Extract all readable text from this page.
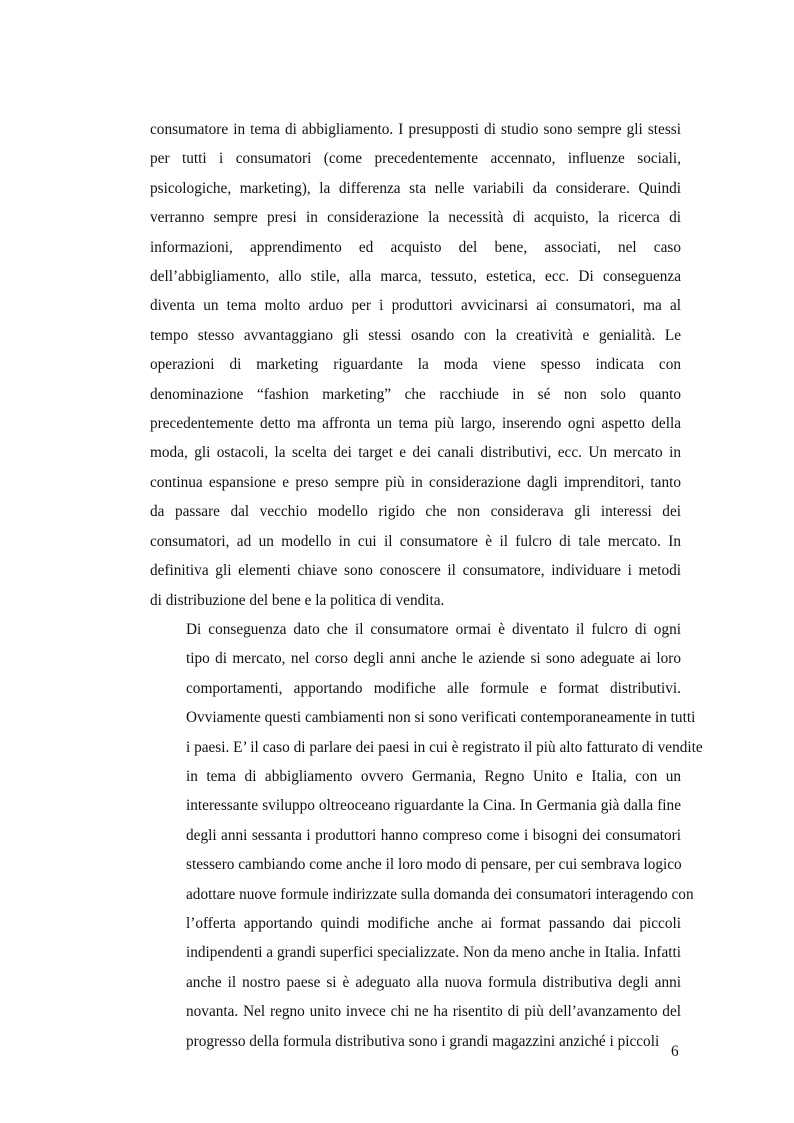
consumatore in tema di abbigliamento. I presupposti di studio sono sempre gli stessi
per tutti i consumatori (come precedentemente accennato, influenze sociali,
psicologiche, marketing), la differenza sta nelle variabili da considerare. Quindi
verranno sempre presi in considerazione la necessità di acquisto, la ricerca di
informazioni, apprendimento ed acquisto del bene, associati, nel caso
dell’abbigliamento, allo stile, alla marca, tessuto, estetica, ecc. Di conseguenza
diventa un tema molto arduo per i produttori avvicinarsi ai consumatori, ma al
tempo stesso avvantaggiano gli stessi osando con la creatività e genialità. Le
operazioni di marketing riguardante la moda viene spesso indicata con
denominazione “fashion marketing” che racchiude in sé non solo quanto
precedentemente detto ma affronta un tema più largo, inserendo ogni aspetto della
moda, gli ostacoli, la scelta dei target e dei canali distributivi, ecc. Un mercato in
continua espansione e preso sempre più in considerazione dagli imprenditori, tanto
da passare dal vecchio modello rigido che non considerava gli interessi dei
consumatori, ad un modello in cui il consumatore è il fulcro di tale mercato. In
definitiva gli elementi chiave sono conoscere il consumatore, individuare i metodi
di distribuzione del bene e la politica di vendita.

Di conseguenza dato che il consumatore ormai è diventato il fulcro di ogni
tipo di mercato, nel corso degli anni anche le aziende si sono adeguate ai loro
comportamenti, apportando modifiche alle formule e format distributivi.
Ovviamente questi cambiamenti non si sono verificati contemporaneamente in tutti
i paesi. E’ il caso di parlare dei paesi in cui è registrato il più alto fatturato di vendite
in tema di abbigliamento ovvero Germania, Regno Unito e Italia, con un
interessante sviluppo oltreoceano riguardante la Cina. In Germania già dalla fine
degli anni sessanta i produttori hanno compreso come i bisogni dei consumatori
stessero cambiando come anche il loro modo di pensare, per cui sembrava logico
adottare nuove formule indirizzate sulla domanda dei consumatori interagendo con
l’offerta apportando quindi modifiche anche ai format passando dai piccoli
indipendenti a grandi superfici specializzate. Non da meno anche in Italia. Infatti
anche il nostro paese si è adeguato alla nuova formula distributiva degli anni
novanta. Nel regno unito invece chi ne ha risentito di più dell’avanzamento del
progresso della formula distributiva sono i grandi magazzini anziché i piccoli

6
